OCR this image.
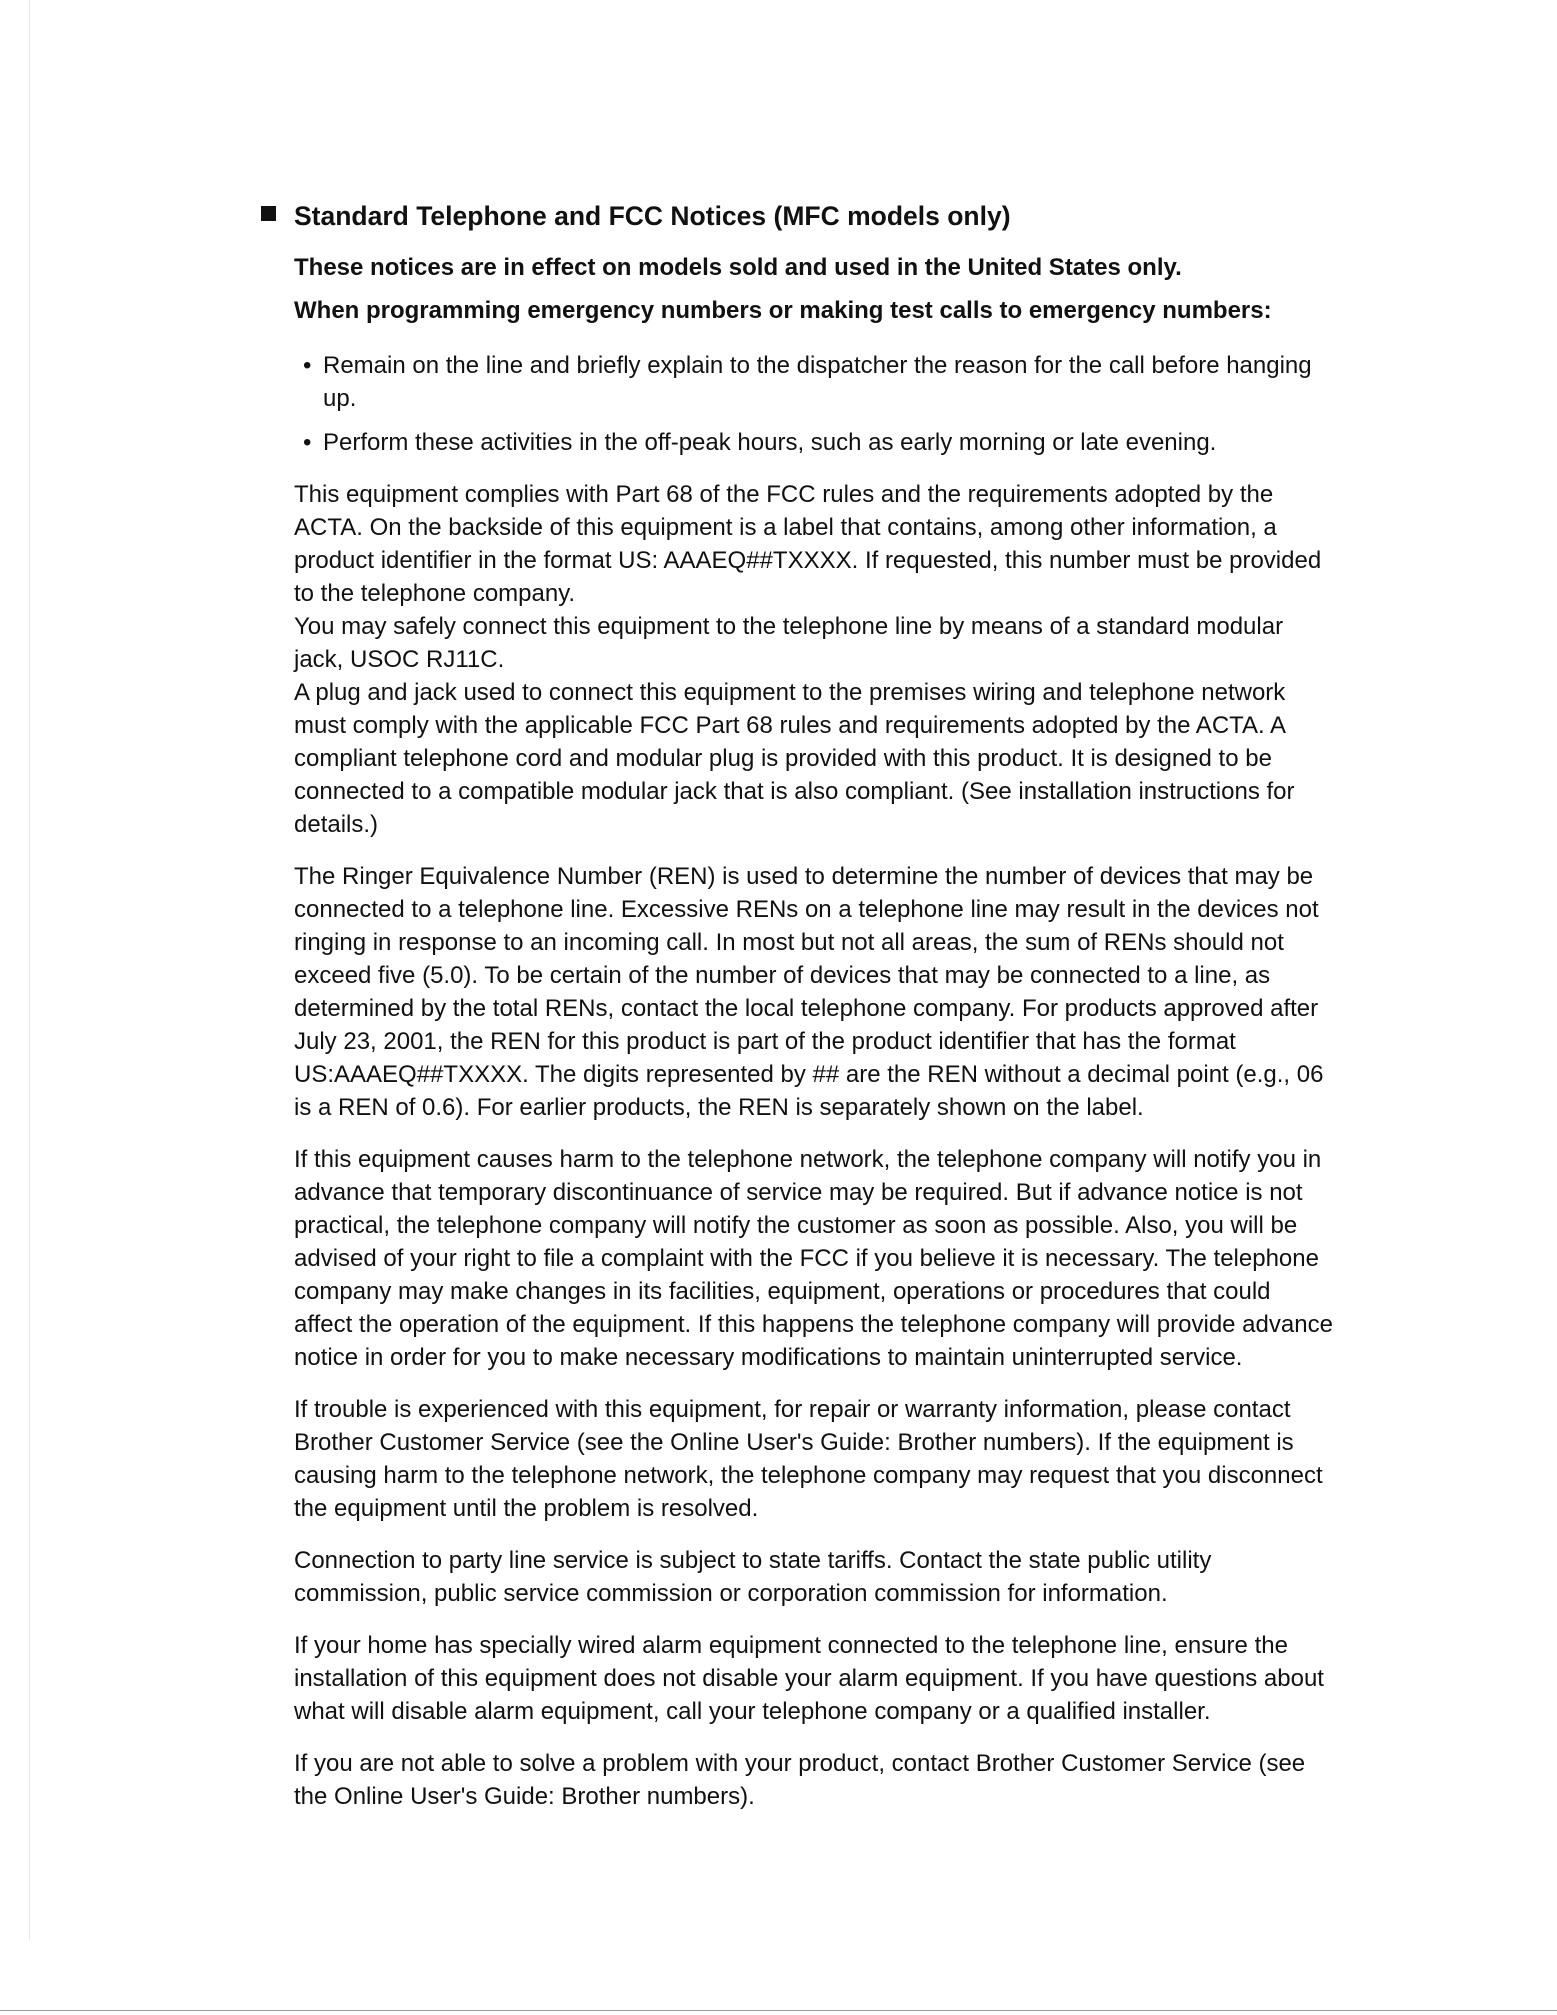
Standard Telephone and FCC Notices (MFC models only)

These notices are in effect on models sold and used in the United States only.

When programming emergency numbers or making test calls to emergency numbers:

• Remain on the line and briefly explain to the dispatcher the reason for the call before hanging up.
• Perform these activities in the off-peak hours, such as early morning or late evening.

This equipment complies with Part 68 of the FCC rules and the requirements adopted by the ACTA. On the backside of this equipment is a label that contains, among other information, a product identifier in the format US: AAAEQ##TXXXX. If requested, this number must be provided to the telephone company.

You may safely connect this equipment to the telephone line by means of a standard modular jack, USOC RJ11C.

A plug and jack used to connect this equipment to the premises wiring and telephone network must comply with the applicable FCC Part 68 rules and requirements adopted by the ACTA. A compliant telephone cord and modular plug is provided with this product. It is designed to be connected to a compatible modular jack that is also compliant. (See installation instructions for details.)

The Ringer Equivalence Number (REN) is used to determine the number of devices that may be connected to a telephone line. Excessive RENs on a telephone line may result in the devices not ringing in response to an incoming call. In most but not all areas, the sum of RENs should not exceed five (5.0). To be certain of the number of devices that may be connected to a line, as determined by the total RENs, contact the local telephone company. For products approved after July 23, 2001, the REN for this product is part of the product identifier that has the format US:AAAEQ##TXXXX. The digits represented by ## are the REN without a decimal point (e.g., 06 is a REN of 0.6). For earlier products, the REN is separately shown on the label.

If this equipment causes harm to the telephone network, the telephone company will notify you in advance that temporary discontinuance of service may be required. But if advance notice is not practical, the telephone company will notify the customer as soon as possible. Also, you will be advised of your right to file a complaint with the FCC if you believe it is necessary. The telephone company may make changes in its facilities, equipment, operations or procedures that could affect the operation of the equipment. If this happens the telephone company will provide advance notice in order for you to make necessary modifications to maintain uninterrupted service.

If trouble is experienced with this equipment, for repair or warranty information, please contact Brother Customer Service (see the Online User's Guide: Brother numbers). If the equipment is causing harm to the telephone network, the telephone company may request that you disconnect the equipment until the problem is resolved.

Connection to party line service is subject to state tariffs. Contact the state public utility commission, public service commission or corporation commission for information.

If your home has specially wired alarm equipment connected to the telephone line, ensure the installation of this equipment does not disable your alarm equipment. If you have questions about what will disable alarm equipment, call your telephone company or a qualified installer.

If you are not able to solve a problem with your product, contact Brother Customer Service (see the Online User's Guide: Brother numbers).
